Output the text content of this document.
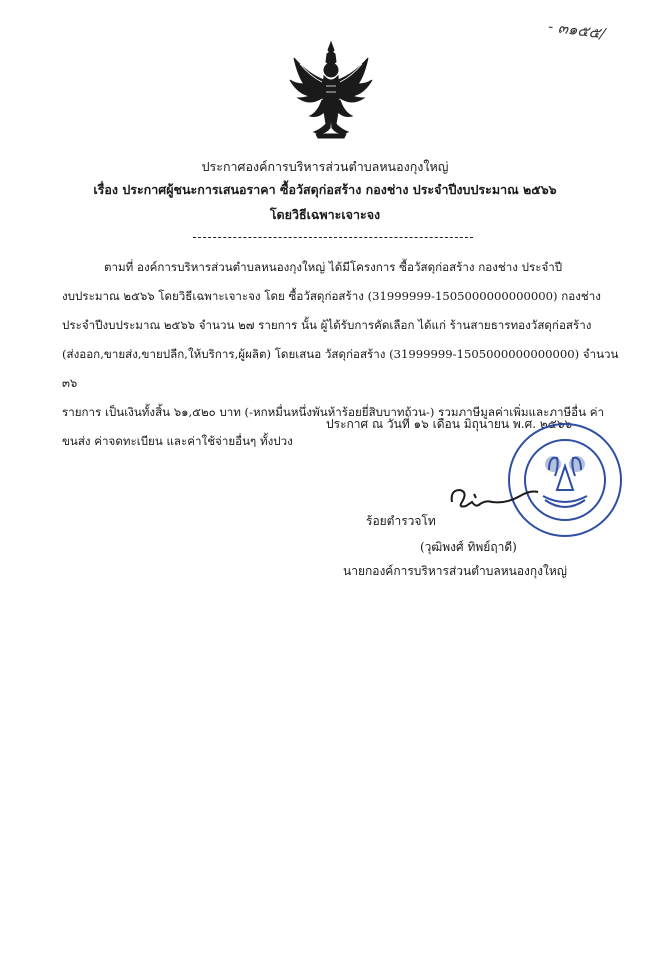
- ๓๑๕๕/
ประกาศองค์การบริหารส่วนตำบลหนองกุงใหญ่
เรื่อง ประกาศผู้ชนะการเสนอราคา ซื้อวัสดุก่อสร้าง กองช่าง ประจำปีงบประมาณ ๒๕๖๖
โดยวิธีเฉพาะเจาะจง
ตามที่ องค์การบริหารส่วนตำบลหนองกุงใหญ่ ได้มีโครงการ ซื้อวัสดุก่อสร้าง กองช่าง ประจำปี
งบประมาณ ๒๕๖๖ โดยวิธีเฉพาะเจาะจง โดย ซื้อวัสดุก่อสร้าง (31999999-1505000000000000) กองช่าง
ประจำปีงบประมาณ ๒๕๖๖ จำนวน ๒๗ รายการ นั้น ผู้ได้รับการคัดเลือก ได้แก่ ร้านสายธารทองวัสดุก่อสร้าง
(ส่งออก,ขายส่ง,ขายปลีก,ให้บริการ,ผู้ผลิต) โดยเสนอ วัสดุก่อสร้าง (31999999-1505000000000000) จำนวน ๓๖
รายการ เป็นเงินทั้งสิ้น ๖๑,๕๒๐ บาท (-หกหมื่นหนึ่งพันห้าร้อยยี่สิบบาทถ้วน-) รวมภาษีมูลค่าเพิ่มและภาษีอื่น ค่า
ขนส่ง ค่าจดทะเบียน และค่าใช้จ่ายอื่นๆ ทั้งปวง
ประกาศ ณ วันที่ ๑๖ เดือน มิถุนายน พ.ศ. ๒๕๖๖
ร้อยตำรวจโท
(วุฒิพงศ์ ทิพย์ฤาดี)
นายกองค์การบริหารส่วนตำบลหนองกุงใหญ่
